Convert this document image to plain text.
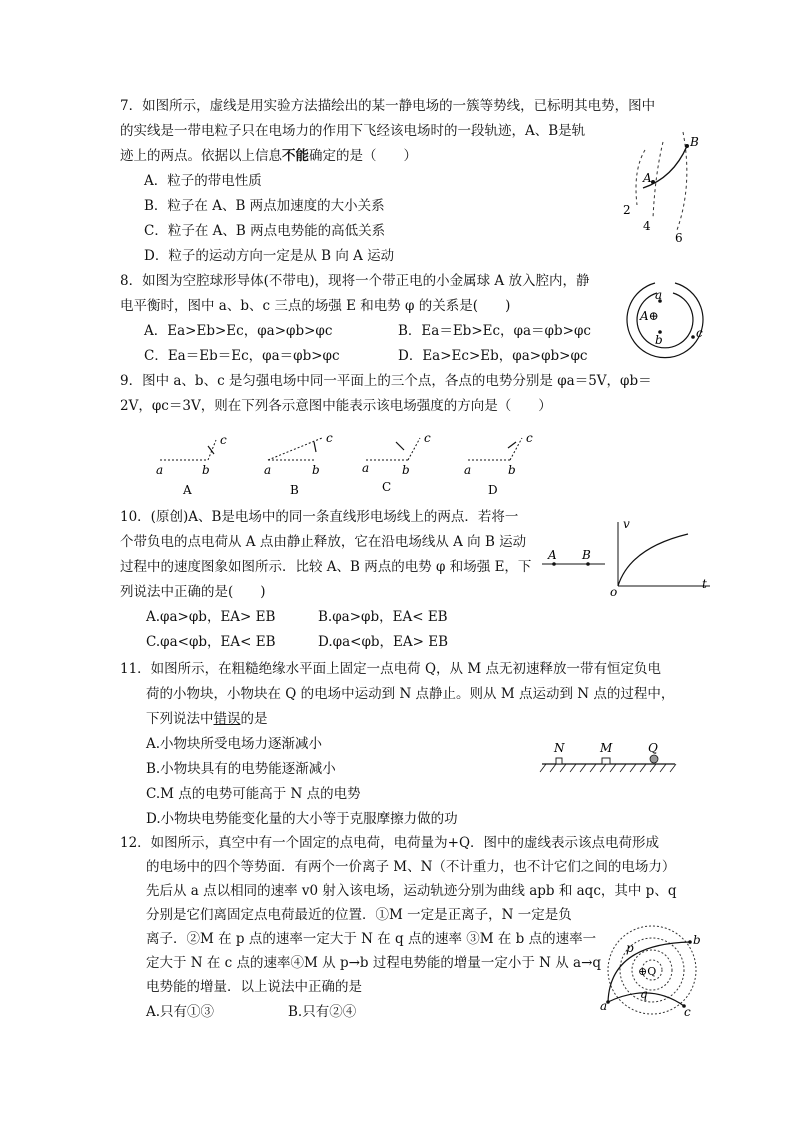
7．如图所示，虚线是用实验方法描绘出的某一静电场的一簇等势线，已标明其电势，图中
的实线是一带电粒子只在电场力的作用下飞经该电场时的一段轨迹，A、B是轨
迹上的两点。依据以上信息不能确定的是（　　）
A．粒子的带电性质
B．粒子在 A、B 两点加速度的大小关系
C．粒子在 A、B 两点电势能的高低关系
D．粒子的运动方向一定是从 B 向 A 运动
B
A
2
4
6
8．如图为空腔球形导体(不带电)，现将一个带正电的小金属球 A 放入腔内，静
电平衡时，图中 a、b、c 三点的场强 E 和电势 φ 的关系是(　　)
A．Ea>Eb>Ec，φa>φb>φc	B．Ea＝Eb>Ec，φa＝φb>φc
C．Ea＝Eb＝Ec，φa＝φb>φc	D．Ea>Ec>Eb，φa>φb>φc
a
b	c
A⊕
9．图中 a、b、c 是匀强电场中同一平面上的三个点，各点的电势分别是 φa＝5V，φb＝
2V，φc＝3V，则在下列各示意图中能表示该电场强度的方向是（　　）
a	b
c
A
a	b
c
B
a	b
c
C
a	b
c
D
10．(原创)A、B是电场中的同一条直线形电场线上的两点．若将一
个带负电的点电荷从 A 点由静止释放，它在沿电场线从 A 向 B 运动
过程中的速度图象如图所示．比较 A、B 两点的电势 φ 和场强 E，下
列说法中正确的是(　　)
A.φa>φb，EA> EB	B.φa>φb，EA< EB
C.φa<φb，EA< EB	D.φa<φb，EA> EB
A B
v
o
t
11．如图所示，在粗糙绝缘水平面上固定一点电荷 Q，从 M 点无初速释放一带有恒定负电
荷的小物块，小物块在 Q 的电场中运动到 N 点静止。则从 M 点运动到 N 点的过程中，
下列说法中错误的是
A.小物块所受电场力逐渐减小
B.小物块具有的电势能逐渐减小
C.M 点的电势可能高于 N 点的电势
D.小物块电势能变化量的大小等于克服摩擦力做的功
N	M	Q
12．如图所示，真空中有一个固定的点电荷，电荷量为+Q．图中的虚线表示该点电荷形成
的电场中的四个等势面．有两个一价离子 M、N（不计重力，也不计它们之间的电场力）
先后从 a 点以相同的速率 v0 射入该电场，运动轨迹分别为曲线 apb 和 aqc，其中 p、q
分别是它们离固定点电荷最近的位置．①M 一定是正离子，N 一定是负
离子．②M 在 p 点的速率一定大于 N 在 q 点的速率 ③M 在 b 点的速率一
定大于 N 在 c 点的速率④M 从 p→b 过程电势能的增量一定小于 N 从 a→q
电势能的增量．以上说法中正确的是
A.只有①③	B.只有②④
⊕Q
a
b
c
p
q
